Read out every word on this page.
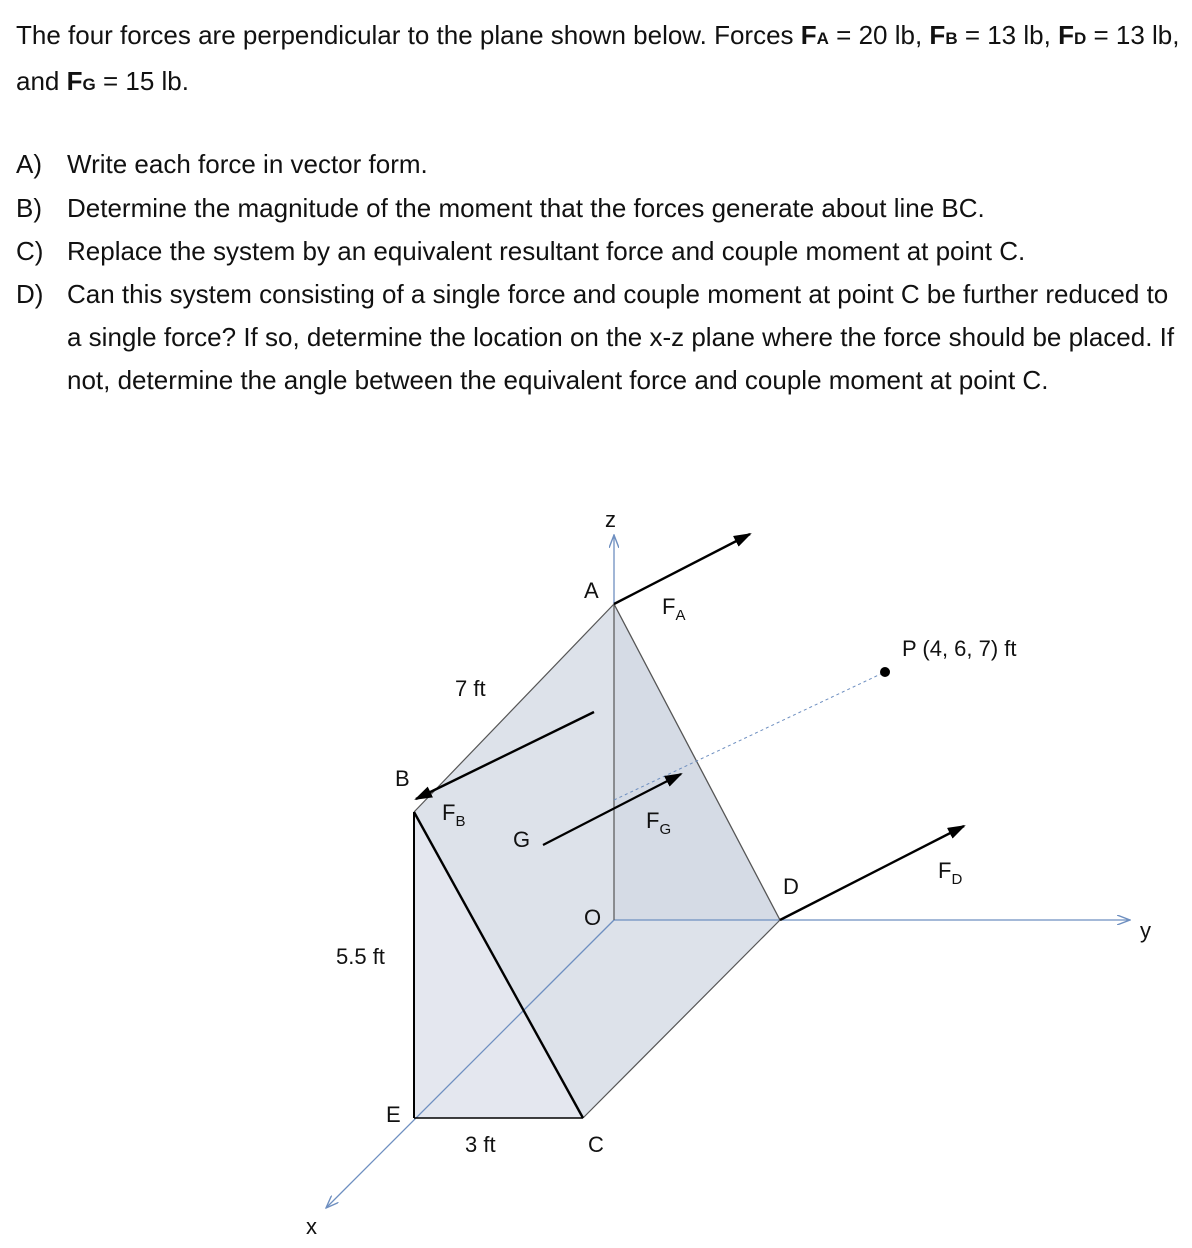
The four forces are perpendicular to the plane shown below. Forces FA = 20 lb, FB = 13 lb, FD = 13 lb, and FG = 15 lb.

A) Write each force in vector form.
B) Determine the magnitude of the moment that the forces generate about line BC.
C) Replace the system by an equivalent resultant force and couple moment at point C.
D) Can this system consisting of a single force and couple moment at point C be further reduced to a single force? If so, determine the location on the x-z plane where the force should be placed. If not, determine the angle between the equivalent force and couple moment at point C.
z
y
x
A
B
C
D
E
G
O
$F_A$
$F_B$	$F_G$
$F_D$
7 ft
5.5 ft
3 ft
P (4, 6, 7) ft
